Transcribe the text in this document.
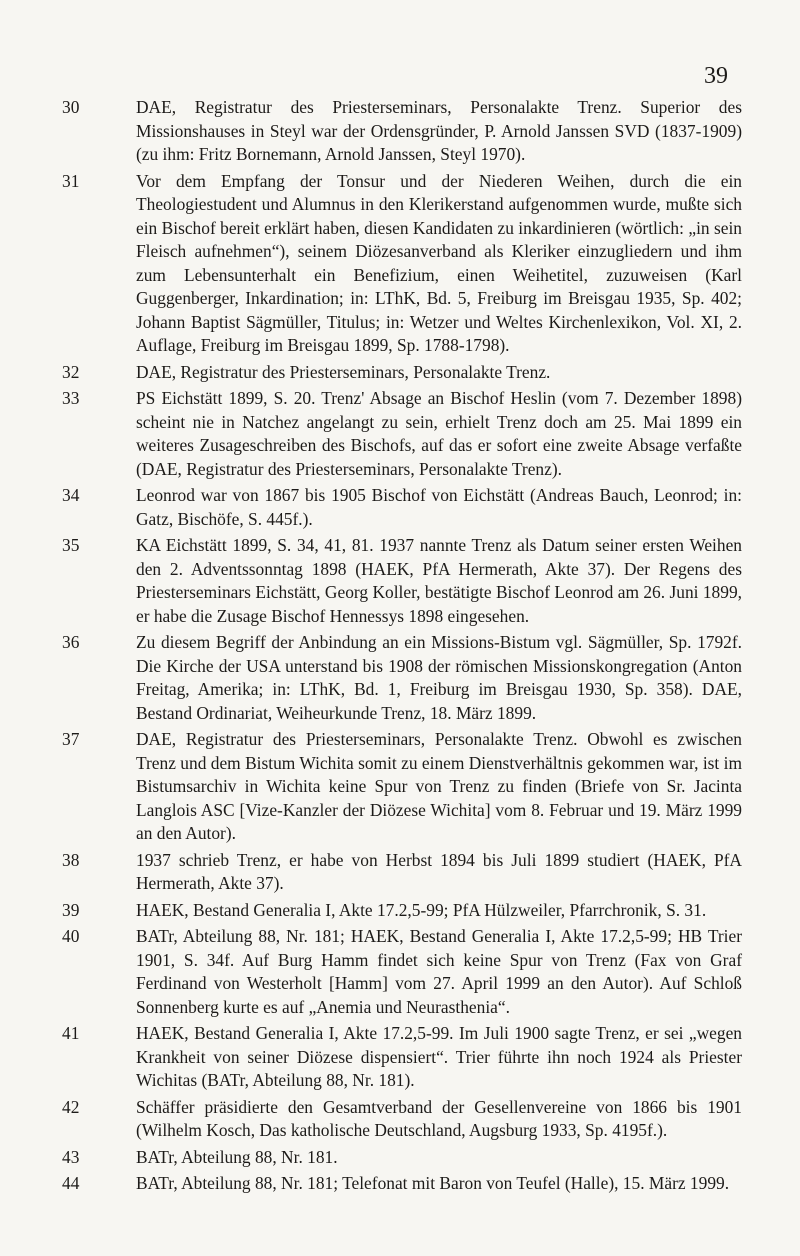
39
30	DAE, Registratur des Priesterseminars, Personalakte Trenz. Superior des Missionshauses in Steyl war der Ordensgründer, P. Arnold Janssen SVD (1837-1909) (zu ihm: Fritz Bornemann, Arnold Janssen, Steyl 1970).
31	Vor dem Empfang der Tonsur und der Niederen Weihen, durch die ein Theologiestudent und Alumnus in den Klerikerstand aufgenommen wurde, mußte sich ein Bischof bereit erklärt haben, diesen Kandidaten zu inkardinieren (wörtlich: „in sein Fleisch aufnehmen“), seinem Diözesanverband als Kleriker einzugliedern und ihm zum Lebensunterhalt ein Benefizium, einen Weihetitel, zuzuweisen (Karl Guggenberger, Inkardination; in: LThK, Bd. 5, Freiburg im Breisgau 1935, Sp. 402; Johann Baptist Sägmüller, Titulus; in: Wetzer und Weltes Kirchenlexikon, Vol. XI, 2. Auflage, Freiburg im Breisgau 1899, Sp. 1788-1798).
32	DAE, Registratur des Priesterseminars, Personalakte Trenz.
33	PS Eichstätt 1899, S. 20. Trenz' Absage an Bischof Heslin (vom 7. Dezember 1898) scheint nie in Natchez angelangt zu sein, erhielt Trenz doch am 25. Mai 1899 ein weiteres Zusageschreiben des Bischofs, auf das er sofort eine zweite Absage verfaßte (DAE, Registratur des Priesterseminars, Personalakte Trenz).
34	Leonrod war von 1867 bis 1905 Bischof von Eichstätt (Andreas Bauch, Leonrod; in: Gatz, Bischöfe, S. 445f.).
35	KA Eichstätt 1899, S. 34, 41, 81. 1937 nannte Trenz als Datum seiner ersten Weihen den 2. Adventssonntag 1898 (HAEK, PfA Hermerath, Akte 37). Der Regens des Priesterseminars Eichstätt, Georg Koller, bestätigte Bischof Leonrod am 26. Juni 1899, er habe die Zusage Bischof Hennessys 1898 eingesehen.
36	Zu diesem Begriff der Anbindung an ein Missions-Bistum vgl. Sägmüller, Sp. 1792f. Die Kirche der USA unterstand bis 1908 der römischen Missionskongregation (Anton Freitag, Amerika; in: LThK, Bd. 1, Freiburg im Breisgau 1930, Sp. 358). DAE, Bestand Ordinariat, Weiheurkunde Trenz, 18. März 1899.
37	DAE, Registratur des Priesterseminars, Personalakte Trenz. Obwohl es zwischen Trenz und dem Bistum Wichita somit zu einem Dienstverhältnis gekommen war, ist im Bistumsarchiv in Wichita keine Spur von Trenz zu finden (Briefe von Sr. Jacinta Langlois ASC [Vize-Kanzler der Diözese Wichita] vom 8. Februar und 19. März 1999 an den Autor).
38	1937 schrieb Trenz, er habe von Herbst 1894 bis Juli 1899 studiert (HAEK, PfA Hermerath, Akte 37).
39	HAEK, Bestand Generalia I, Akte 17.2,5-99; PfA Hülzweiler, Pfarrchronik, S. 31.
40	BATr, Abteilung 88, Nr. 181; HAEK, Bestand Generalia I, Akte 17.2,5-99; HB Trier 1901, S. 34f. Auf Burg Hamm findet sich keine Spur von Trenz (Fax von Graf Ferdinand von Westerholt [Hamm] vom 27. April 1999 an den Autor). Auf Schloß Sonnenberg kurte es auf „Anemia und Neurasthenia“.
41	HAEK, Bestand Generalia I, Akte 17.2,5-99. Im Juli 1900 sagte Trenz, er sei „wegen Krankheit von seiner Diözese dispensiert“. Trier führte ihn noch 1924 als Priester Wichitas (BATr, Abteilung 88, Nr. 181).
42	Schäffer präsidierte den Gesamtverband der Gesellenvereine von 1866 bis 1901 (Wilhelm Kosch, Das katholische Deutschland, Augsburg 1933, Sp. 4195f.).
43	BATr, Abteilung 88, Nr. 181.
44	BATr, Abteilung 88, Nr. 181; Telefonat mit Baron von Teufel (Halle), 15. März 1999.
